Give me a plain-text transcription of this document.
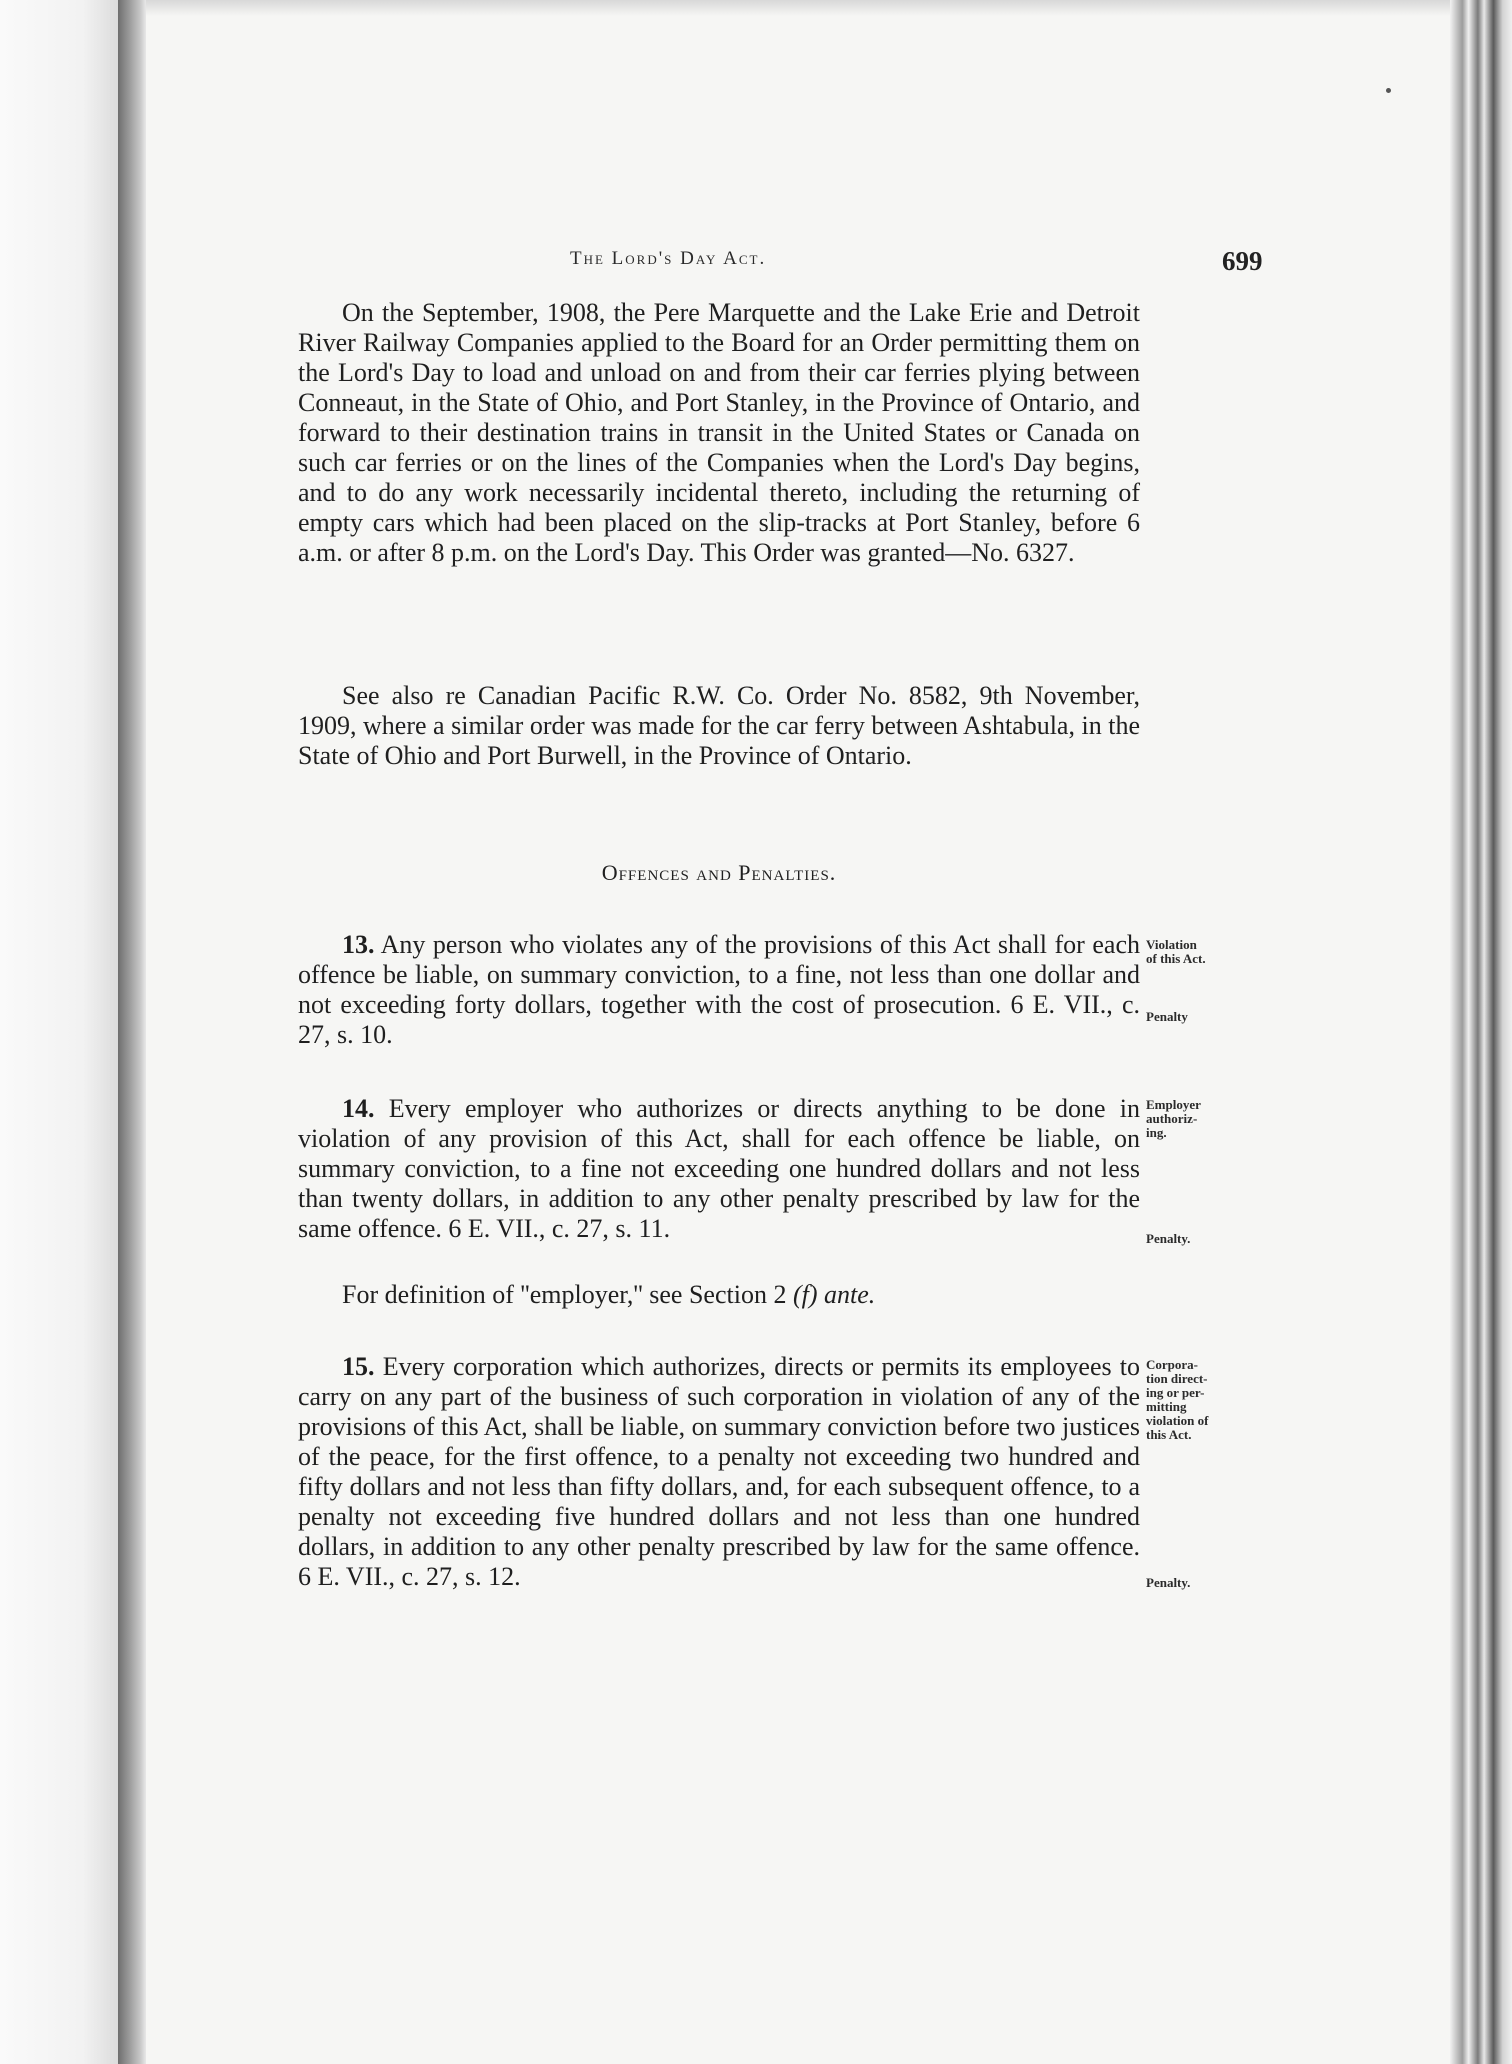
The Lord's Day Act.	699

On the September, 1908, the Pere Marquette and the Lake Erie and Detroit River Railway Companies applied to the Board for an Order permitting them on the Lord's Day to load and unload on and from their car ferries plying between Conneaut, in the State of Ohio, and Port Stanley, in the Province of Ontario, and forward to their destination trains in transit in the United States or Canada on such car ferries or on the lines of the Companies when the Lord's Day begins, and to do any work necessarily incidental thereto, including the returning of empty cars which had been placed on the slip-tracks at Port Stanley, before 6 a.m. or after 8 p.m. on the Lord's Day. This Order was granted—No. 6327.

See also re Canadian Pacific R.W. Co. Order No. 8582, 9th November, 1909, where a similar order was made for the car ferry between Ashtabula, in the State of Ohio and Port Burwell, in the Province of Ontario.

Offences and Penalties.

13. Any person who violates any of the provisions of this Act shall for each offence be liable, on summary conviction, to a fine, not less than one dollar and not exceeding forty dollars, together with the cost of prosecution. 6 E. VII., c. 27, s. 10.

14. Every employer who authorizes or directs anything to be done in violation of any provision of this Act, shall for each offence be liable, on summary conviction, to a fine not exceeding one hundred dollars and not less than twenty dollars, in addition to any other penalty prescribed by law for the same offence. 6 E. VII., c. 27, s. 11.

For definition of ''employer,'' see Section 2 (f) ante.

15. Every corporation which authorizes, directs or permits its employees to carry on any part of the business of such corporation in violation of any of the provisions of this Act, shall be liable, on summary conviction before two justices of the peace, for the first offence, to a penalty not exceeding two hundred and fifty dollars and not less than fifty dollars, and, for each subsequent offence, to a penalty not exceeding five hundred dollars and not less than one hundred dollars, in addition to any other penalty prescribed by law for the same offence. 6 E. VII., c. 27, s. 12.

Violation
of this Act.
Penalty
Employer
authoriz-
ing.
Penalty.
Corpora-
tion direct-
ing or per-
mitting
violation of
this Act.
Penalty.
